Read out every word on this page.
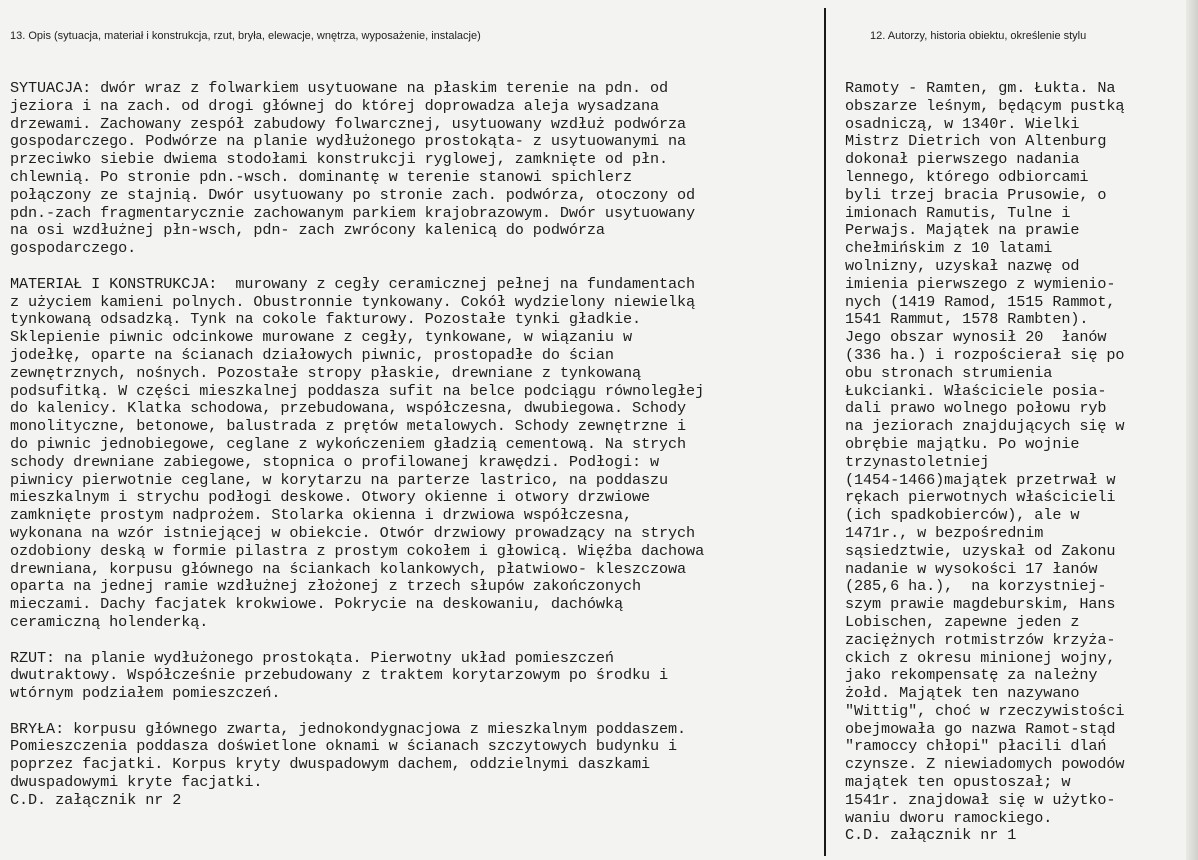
13. Opis (sytuacja, materiał i konstrukcja, rzut, bryła, elewacje, wnętrza, wyposażenie, instalacje)	12. Autorzy, historia obiektu, określenie stylu
SYTUACJA: dwór wraz z folwarkiem usytuowane na płaskim terenie na pdn. od
jeziora i na zach. od drogi głównej do której doprowadza aleja wysadzana
drzewami. Zachowany zespół zabudowy folwarcznej, usytuowany wzdłuż podwórza
gospodarczego. Podwórze na planie wydłużonego prostokąta- z usytuowanymi na
przeciwko siebie dwiema stodołami konstrukcji ryglowej, zamknięte od płn.
chlewnią. Po stronie pdn.-wsch. dominantę w terenie stanowi spichlerz
połączony ze stajnią. Dwór usytuowany po stronie zach. podwórza, otoczony od
pdn.-zach fragmentarycznie zachowanym parkiem krajobrazowym. Dwór usytuowany
na osi wzdłużnej płn-wsch, pdn- zach zwrócony kalenicą do podwórza
gospodarczego.

MATERIAŁ I KONSTRUKCJA:  murowany z cegły ceramicznej pełnej na fundamentach
z użyciem kamieni polnych. Obustronnie tynkowany. Cokół wydzielony niewielką
tynkowaną odsadzką. Tynk na cokole fakturowy. Pozostałe tynki gładkie.
Sklepienie piwnic odcinkowe murowane z cegły, tynkowane, w wiązaniu w
jodełkę, oparte na ścianach działowych piwnic, prostopadłe do ścian
zewnętrznych, nośnych. Pozostałe stropy płaskie, drewniane z tynkowaną
podsufitką. W części mieszkalnej poddasza sufit na belce podciągu równoległej
do kalenicy. Klatka schodowa, przebudowana, współczesna, dwubiegowa. Schody
monolityczne, betonowe, balustrada z prętów metalowych. Schody zewnętrzne i
do piwnic jednobiegowe, ceglane z wykończeniem gładzią cementową. Na strych
schody drewniane zabiegowe, stopnica o profilowanej krawędzi. Podłogi: w
piwnicy pierwotnie ceglane, w korytarzu na parterze lastrico, na poddaszu
mieszkalnym i strychu podłogi deskowe. Otwory okienne i otwory drzwiowe
zamknięte prostym nadprożem. Stolarka okienna i drzwiowa współczesna,
wykonana na wzór istniejącej w obiekcie. Otwór drzwiowy prowadzący na strych
ozdobiony deską w formie pilastra z prostym cokołem i głowicą. Więźba dachowa
drewniana, korpusu głównego na ściankach kolankowych, płatwiowo- kleszczowa
oparta na jednej ramie wzdłużnej złożonej z trzech słupów zakończonych
mieczami. Dachy facjatek krokwiowe. Pokrycie na deskowaniu, dachówką
ceramiczną holenderką.

RZUT: na planie wydłużonego prostokąta. Pierwotny układ pomieszczeń
dwutraktowy. Współcześnie przebudowany z traktem korytarzowym po środku i
wtórnym podziałem pomieszczeń.

BRYŁA: korpusu głównego zwarta, jednokondygnacjowa z mieszkalnym poddaszem.
Pomieszczenia poddasza doświetlone oknami w ścianach szczytowych budynku i
poprzez facjatki. Korpus kryty dwuspadowym dachem, oddzielnymi daszkami
dwuspadowymi kryte facjatki.
C.D. załącznik nr 2
Ramoty - Ramten, gm. Łukta. Na
obszarze leśnym, będącym pustką
osadniczą, w 1340r. Wielki
Mistrz Dietrich von Altenburg
dokonał pierwszego nadania
lennego, którego odbiorcami
byli trzej bracia Prusowie, o
imionach Ramutis, Tulne i
Perwajs. Majątek na prawie
chełmińskim z 10 latami
wolnizny, uzyskał nazwę od
imienia pierwszego z wymienio-
nych (1419 Ramod, 1515 Rammot,
1541 Rammut, 1578 Rambten).
Jego obszar wynosił 20  łanów
(336 ha.) i rozpościerał się po
obu stronach strumienia
Łukcianki. Właściciele posia-
dali prawo wolnego połowu ryb
na jeziorach znajdujących się w
obrębie majątku. Po wojnie
trzynastoletniej
(1454-1466)majątek przetrwał w
rękach pierwotnych właścicieli
(ich spadkobierców), ale w
1471r., w bezpośrednim
sąsiedztwie, uzyskał od Zakonu
nadanie w wysokości 17 łanów
(285,6 ha.),  na korzystniej-
szym prawie magdeburskim, Hans
Lobischen, zapewne jeden z
zaciężnych rotmistrzów krzyża-
ckich z okresu minionej wojny,
jako rekompensatę za należny
żołd. Majątek ten nazywano
"Wittig", choć w rzeczywistości
obejmowała go nazwa Ramot-stąd
"ramoccy chłopi" płacili dlań
czynsze. Z niewiadomych powodów
majątek ten opustoszał; w
1541r. znajdował się w użytko-
waniu dworu ramockiego.
C.D. załącznik nr 1
